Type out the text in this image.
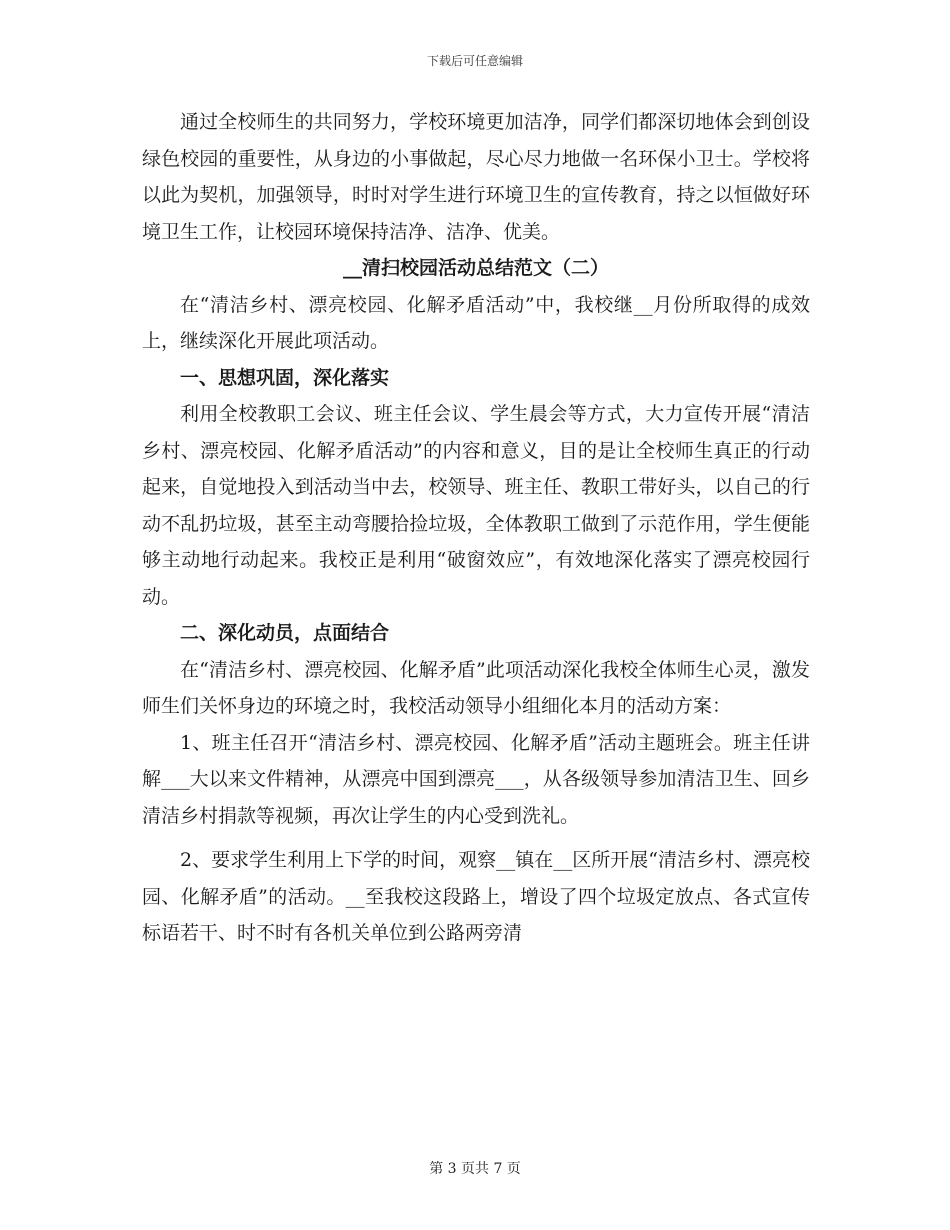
下载后可任意编辑

通过全校师生的共同努力，学校环境更加洁净，同学们都深切地体会到创设绿色校园的重要性，从身边的小事做起，尽心尽力地做一名环保小卫士。学校将以此为契机，加强领导，时时对学生进行环境卫生的宣传教育，持之以恒做好环境卫生工作，让校园环境保持洁净、洁净、优美。

__清扫校园活动总结范文（二）

在“清洁乡村、漂亮校园、化解矛盾活动”中，我校继__月份所取得的成效上，继续深化开展此项活动。

一、思想巩固，深化落实

利用全校教职工会议、班主任会议、学生晨会等方式，大力宣传开展“清洁乡村、漂亮校园、化解矛盾活动”的内容和意义，目的是让全校师生真正的行动起来，自觉地投入到活动当中去，校领导、班主任、教职工带好头，以自己的行动不乱扔垃圾，甚至主动弯腰拾捡垃圾，全体教职工做到了示范作用，学生便能够主动地行动起来。我校正是利用“破窗效应”，有效地深化落实了漂亮校园行动。

二、深化动员，点面结合

在“清洁乡村、漂亮校园、化解矛盾”此项活动深化我校全体师生心灵，激发师生们关怀身边的环境之时，我校活动领导小组细化本月的活动方案：

1、班主任召开“清洁乡村、漂亮校园、化解矛盾”活动主题班会。班主任讲解___大以来文件精神，从漂亮中国到漂亮___，从各级领导参加清洁卫生、回乡清洁乡村捐款等视频，再次让学生的内心受到洗礼。

2、要求学生利用上下学的时间，观察__镇在__区所开展“清洁乡村、漂亮校园、化解矛盾”的活动。__至我校这段路上，增设了四个垃圾定放点、各式宣传标语若干、时不时有各机关单位到公路两旁清

第 3 页共 7 页
